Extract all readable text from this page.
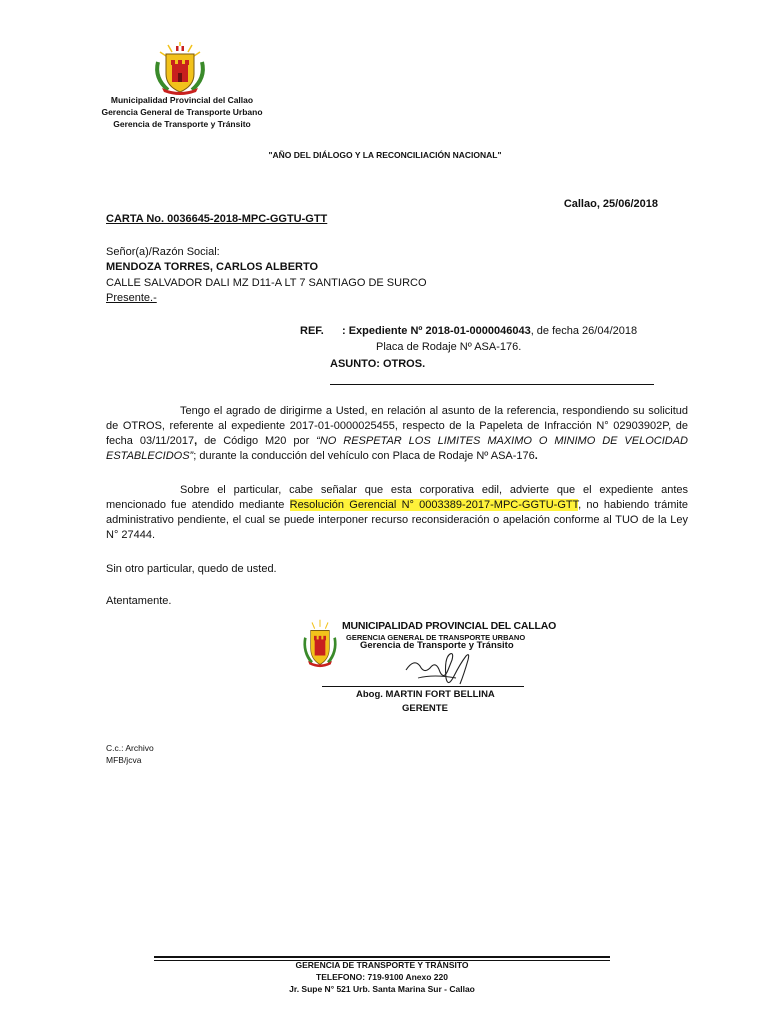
Municipalidad Provincial del Callao
Gerencia General de Transporte Urbano
Gerencia de Transporte y Tránsito
"AÑO DEL DIÁLOGO Y LA RECONCILIACIÓN NACIONAL"
Callao, 25/06/2018
CARTA No. 0036645-2018-MPC-GGTU-GTT
Señor(a)/Razón Social:
MENDOZA TORRES, CARLOS ALBERTO
CALLE SALVADOR DALI MZ D11-A LT 7 SANTIAGO DE SURCO
Presente.-
REF. : Expediente Nº 2018-01-0000046043, de fecha 26/04/2018
Placa de Rodaje Nº ASA-176.
ASUNTO: OTROS.
Tengo el agrado de dirigirme a Usted, en relación al asunto de la referencia, respondiendo su solicitud de OTROS, referente al expediente 2017-01-0000025455, respecto de la Papeleta de Infracción N° 02903902P, de fecha 03/11/2017, de Código M20 por “NO RESPETAR LOS LIMITES MAXIMO O MINIMO DE VELOCIDAD ESTABLECIDOS”; durante la conducción del vehículo con Placa de Rodaje Nº ASA-176.
Sobre el particular, cabe señalar que esta corporativa edil, advierte que el expediente antes mencionado fue atendido mediante Resolución Gerencial N° 0003389-2017-MPC-GGTU-GTT, no habiendo trámite administrativo pendiente, el cual se puede interponer recurso reconsideración o apelación conforme al TUO de la Ley N° 27444.
Sin otro particular, quedo de usted.
Atentamente.
MUNICIPALIDAD PROVINCIAL DEL CALLAO
GERENCIA GENERAL DE TRANSPORTE URBANO
Gerencia de Transporte y Tránsito
Abog. MARTIN FORT BELLINA
GERENTE
C.c.: Archivo
MFB/jcva
GERENCIA DE TRANSPORTE Y TRÁNSITO
TELEFONO: 719-9100 Anexo 220
Jr. Supe N° 521 Urb. Santa Marina Sur - Callao
